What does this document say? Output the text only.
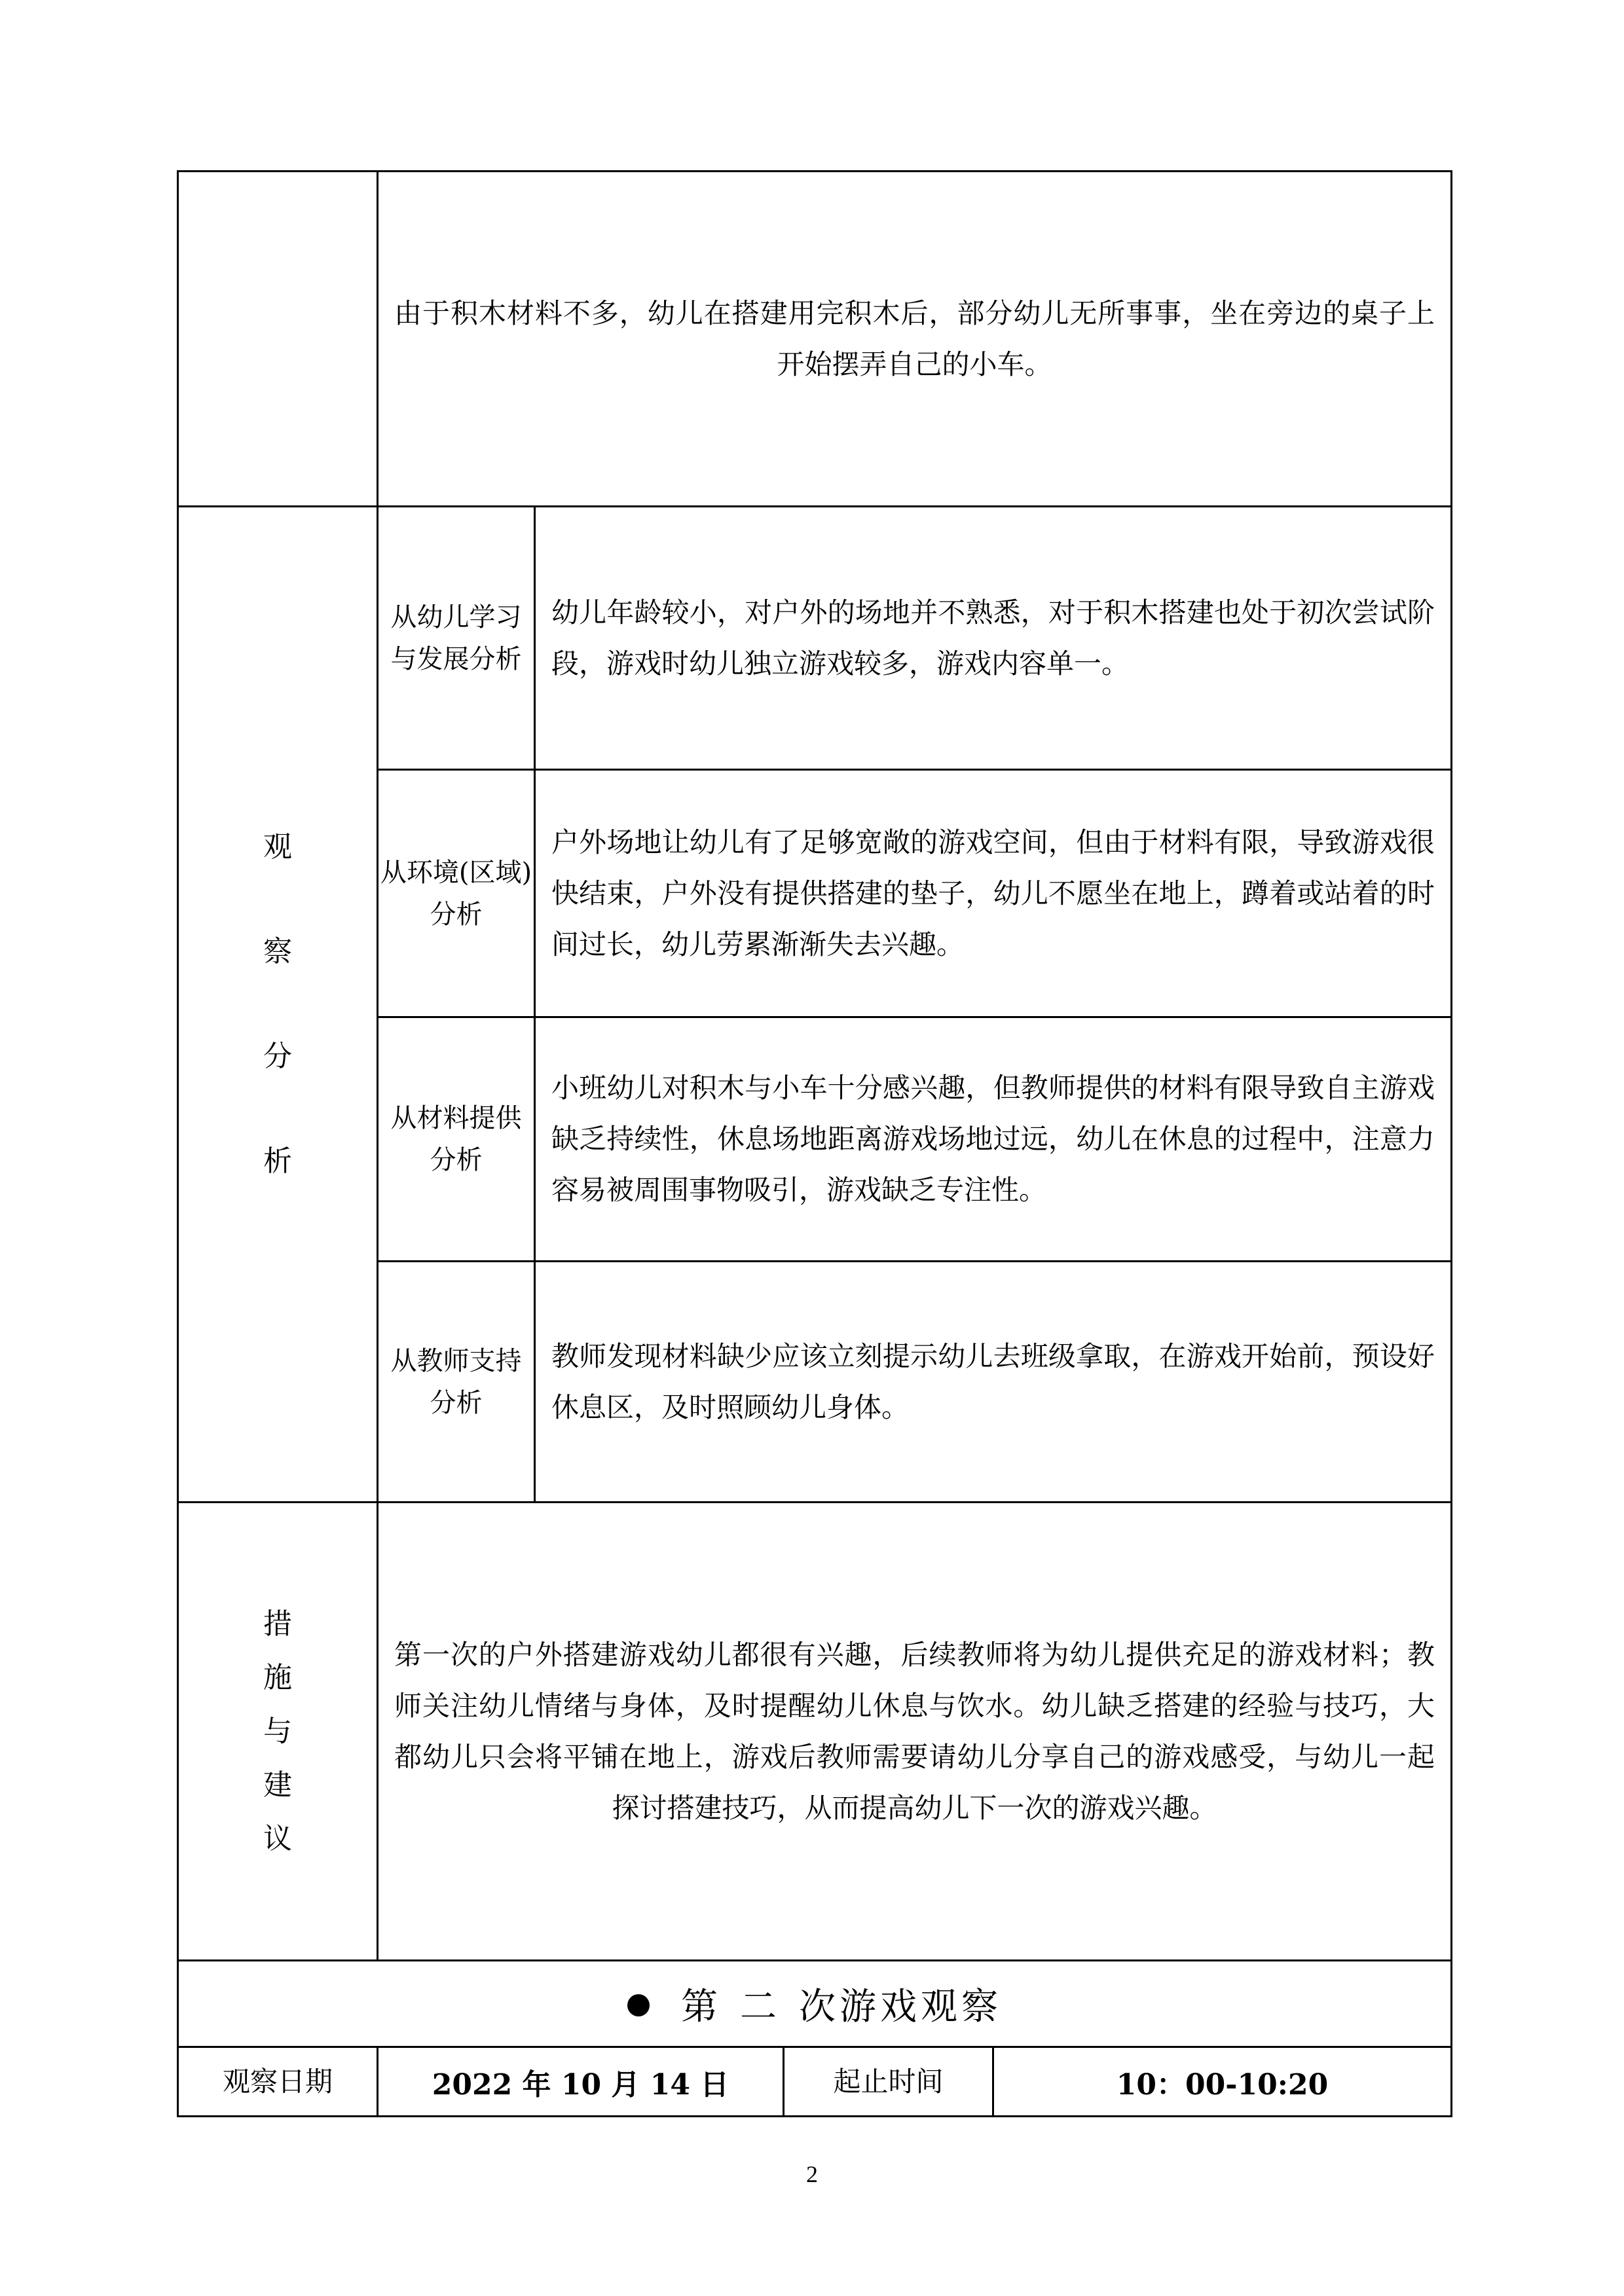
	由于积木材料不多，幼儿在搭建用完积木后，部分幼儿无所事事，坐在旁边的桌子上开始摆弄自己的小车。			

观
察
分
析	从幼儿学习与发展分析	幼儿年龄较小，对户外的场地并不熟悉，对于积木搭建也处于初次尝试阶段，游戏时幼儿独立游戏较多，游戏内容单一。		

	从环境(区域)分析	户外场地让幼儿有了足够宽敞的游戏空间，但由于材料有限，导致游戏很快结束，户外没有提供搭建的垫子，幼儿不愿坐在地上，蹲着或站着的时间过长，幼儿劳累渐渐失去兴趣。		

	从材料提供分析	小班幼儿对积木与小车十分感兴趣，但教师提供的材料有限导致自主游戏缺乏持续性，休息场地距离游戏场地过远，幼儿在休息的过程中，注意力容易被周围事物吸引，游戏缺乏专注性。		

	从教师支持分析	教师发现材料缺少应该立刻提示幼儿去班级拿取，在游戏开始前，预设好休息区，及时照顾幼儿身体。		

措
施
与
建
议	第一次的户外搭建游戏幼儿都很有兴趣，后续教师将为幼儿提供充足的游戏材料；教师关注幼儿情绪与身体，及时提醒幼儿休息与饮水。幼儿缺乏搭建的经验与技巧，大都幼儿只会将平铺在地上，游戏后教师需要请幼儿分享自己的游戏感受，与幼儿一起探讨搭建技巧，从而提高幼儿下一次的游戏兴趣。			

第 二 次游戏观察				
观察日期	2022 年 10 月 14 日		起止时间	10：00-10:20
2
